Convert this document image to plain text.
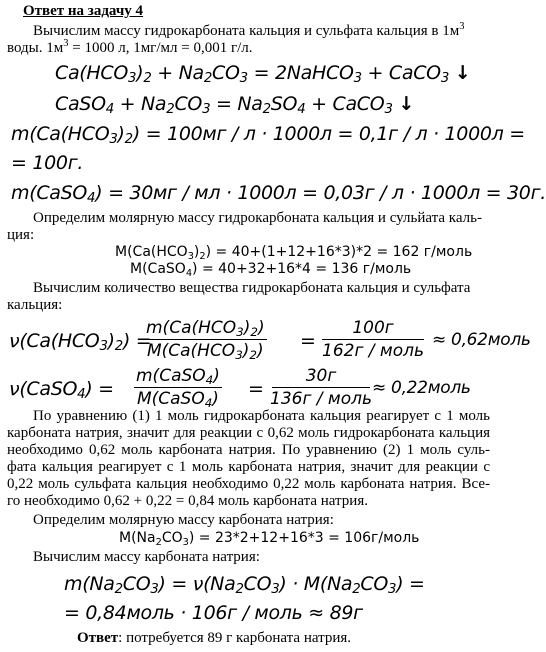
Ответ на задачу 4
Вычислим массу гидрокарбоната кальция и сульфата кальция в $1м^3$
воды. $1м^3 = 1000$ л, 1мг/мл = 0,001 г/л.
$Ca(HCO_3)_2 + Na_2CO_3$ = 2NaHCO$_3$ + CaCO$_3$ ↓
CaSO$_4$ + $Na_2CO_3 = Na_2SO_4$ + CaCO$_3$ ↓
$m(Ca(HCO_3)_2) = 100мг / л \cdot 1000л = 0,1г / л \cdot 1000л$ =
= 100г.
m(CaSO$_4$) = 30мг / мл · 1000л = 0,03г / л · 1000л = 30г.
Определим молярную массу гидрокарбоната кальция и сульйата каль-
ция:
$M(Ca(HCO_3)_2) = 40+(1+12+16*3)*2 = 162$ г/моль
M(CaSO$_4$) = 40+32+16*4 = 136 г/моль
Вычислим количество вещества гидрокарбоната кальция и сульфата
кальция:
$\nu(Ca(HCO_3)_2)$ =
$m(Ca(HCO_3)_2)$
$M(Ca(HCO_3)_2)$ =
100г
162г / моль
≈ 0,62моль
ν(CaSO$_4$) =
m(CaSO$_4$)
M(CaSO$_4$) =
30г
136г / моль
≈ 0,22моль
По уравнению (1) 1 моль гидрокарбоната кальция реагирует с 1 моль
карбоната натрия, значит для реакции с 0,62 моль гидрокарбоната кальция
необходимо 0,62 моль карбоната натрия. По уравнению (2) 1 моль суль-
фата кальция реагирует с 1 моль карбоната натрия, значит для реакции с
0,22 моль сульфата кальция необходимо 0,22 моль карбоната натрия. Все-
го необходимо 0,62 + 0,22 = 0,84 моль карбоната натрия.
Определим молярную массу карбоната натрия:
$M(Na_2CO_3) = 23*2+12+16*3$ = 106г/моль
Вычислим массу карбоната натрия:
$m(Na_2CO_3) = \nu(Na_2CO_3) \cdot M(Na_2CO_3)$ =
= 0,84моль · 106г / моль ≈ 89г
Ответ: потребуется 89 г карбоната натрия.
